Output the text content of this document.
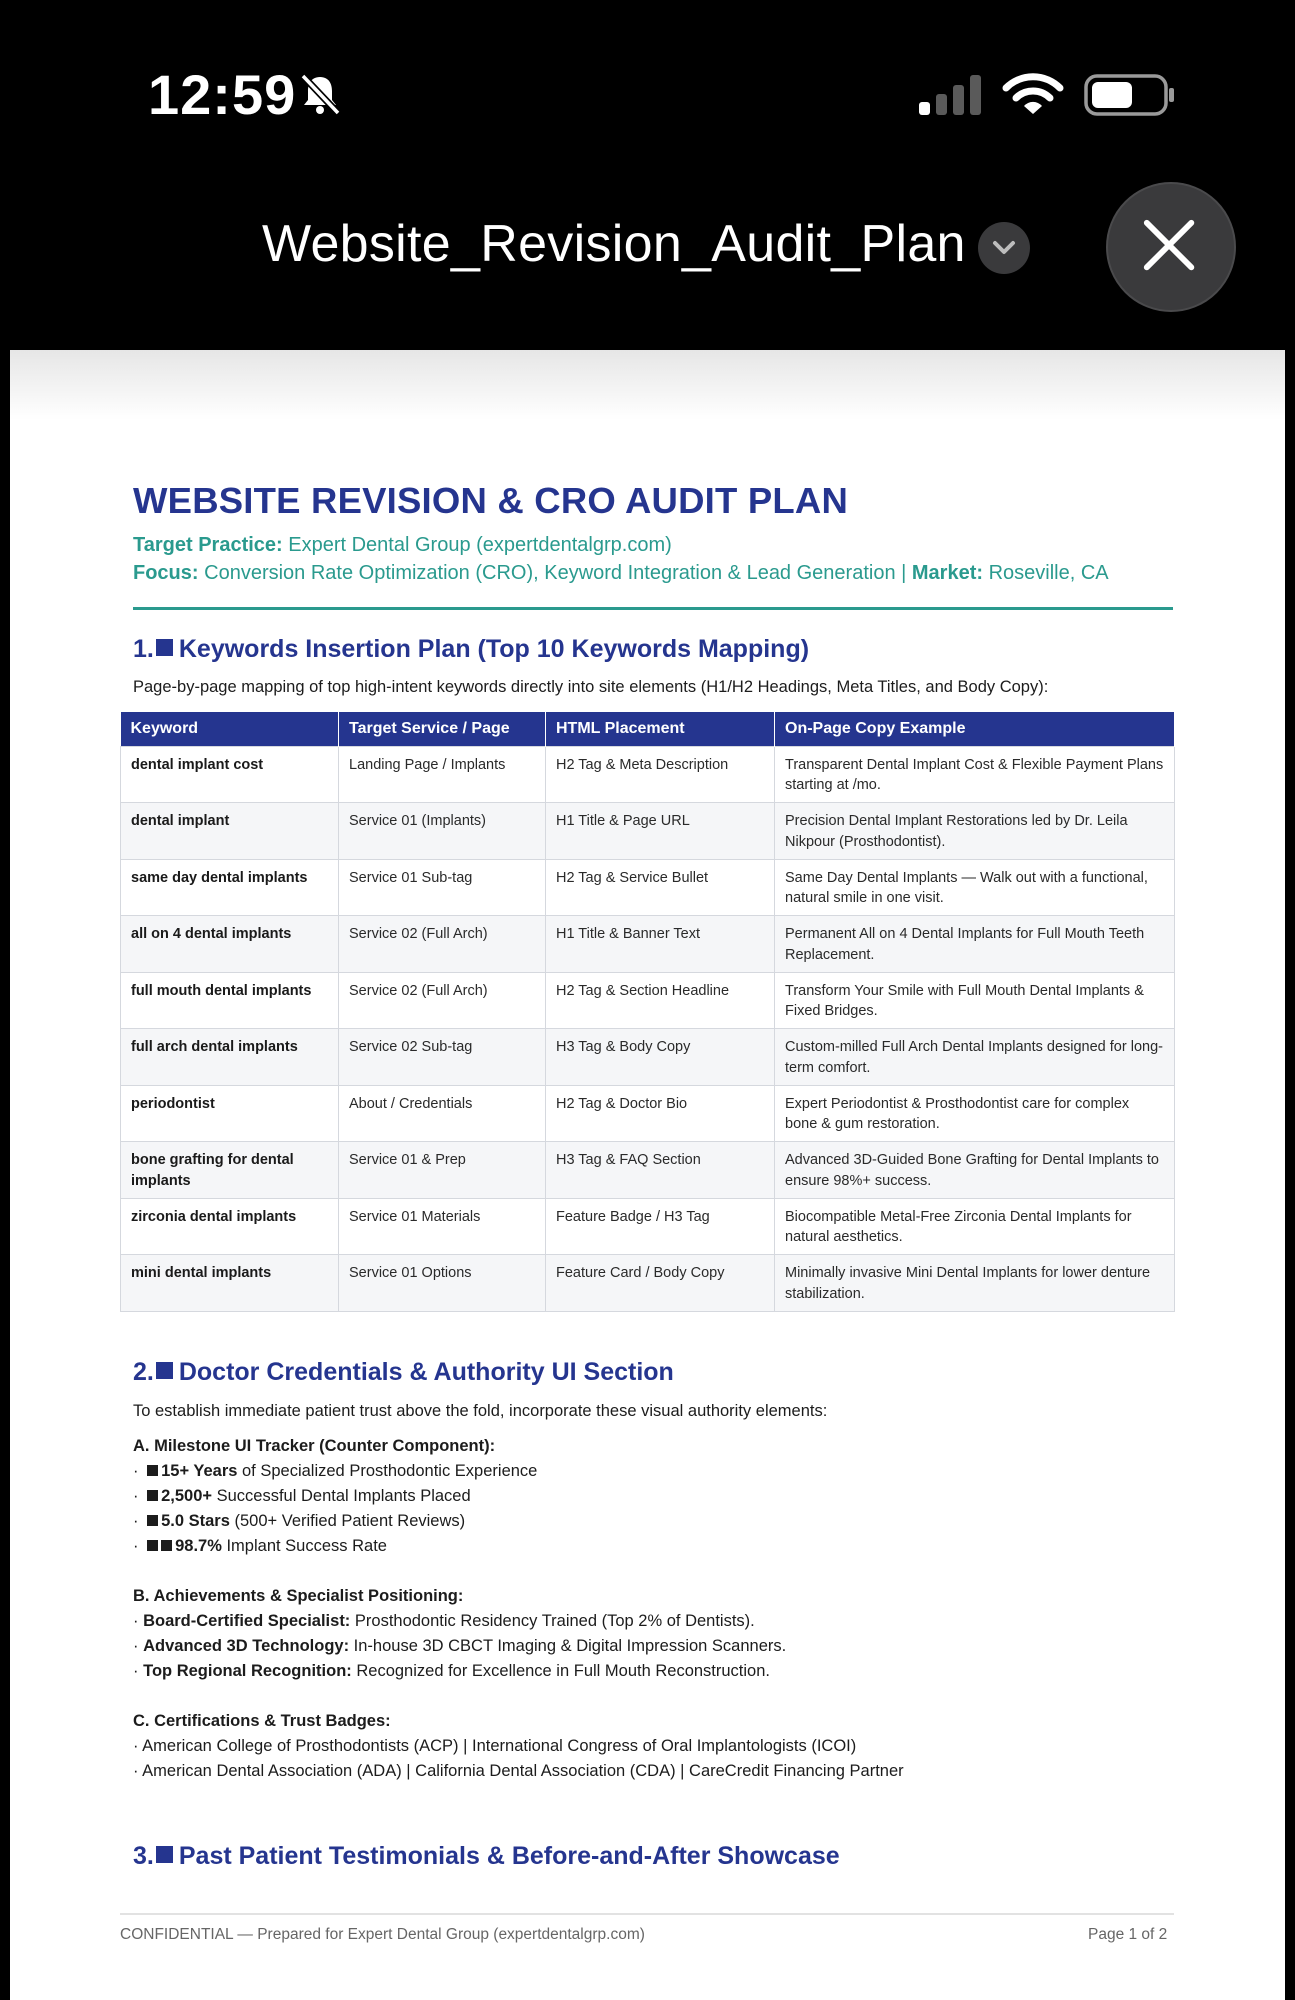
12:59
Website_Revision_Audit_Plan
WEBSITE REVISION & CRO AUDIT PLAN
Target Practice: Expert Dental Group (expertdentalgrp.com)
Focus: Conversion Rate Optimization (CRO), Keyword Integration & Lead Generation | Market: Roseville, CA
1. Keywords Insertion Plan (Top 10 Keywords Mapping)
Page-by-page mapping of top high-intent keywords directly into site elements (H1/H2 Headings, Meta Titles, and Body Copy):
Keyword	Target Service / Page	HTML Placement	On-Page Copy Example
dental implant cost	Landing Page / Implants	H2 Tag & Meta Description	Transparent Dental Implant Cost & Flexible Payment Plans starting at /mo.
dental implant	Service 01 (Implants)	H1 Title & Page URL	Precision Dental Implant Restorations led by Dr. Leila Nikpour (Prosthodontist).
same day dental implants	Service 01 Sub-tag	H2 Tag & Service Bullet	Same Day Dental Implants — Walk out with a functional, natural smile in one visit.
all on 4 dental implants	Service 02 (Full Arch)	H1 Title & Banner Text	Permanent All on 4 Dental Implants for Full Mouth Teeth Replacement.
full mouth dental implants	Service 02 (Full Arch)	H2 Tag & Section Headline	Transform Your Smile with Full Mouth Dental Implants & Fixed Bridges.
full arch dental implants	Service 02 Sub-tag	H3 Tag & Body Copy	Custom-milled Full Arch Dental Implants designed for long-term comfort.
periodontist	About / Credentials	H2 Tag & Doctor Bio	Expert Periodontist & Prosthodontist care for complex bone & gum restoration.
bone grafting for dental implants	Service 01 & Prep	H3 Tag & FAQ Section	Advanced 3D-Guided Bone Grafting for Dental Implants to ensure 98%+ success.
zirconia dental implants	Service 01 Materials	Feature Badge / H3 Tag	Biocompatible Metal-Free Zirconia Dental Implants for natural aesthetics.
mini dental implants	Service 01 Options	Feature Card / Body Copy	Minimally invasive Mini Dental Implants for lower denture stabilization.
2. Doctor Credentials & Authority UI Section
To establish immediate patient trust above the fold, incorporate these visual authority elements:
A. Milestone UI Tracker (Counter Component):
· 15+ Years of Specialized Prosthodontic Experience
· 2,500+ Successful Dental Implants Placed
· 5.0 Stars (500+ Verified Patient Reviews)
· 98.7% Implant Success Rate
B. Achievements & Specialist Positioning:
· Board-Certified Specialist: Prosthodontic Residency Trained (Top 2% of Dentists).
· Advanced 3D Technology: In-house 3D CBCT Imaging & Digital Impression Scanners.
· Top Regional Recognition: Recognized for Excellence in Full Mouth Reconstruction.
C. Certifications & Trust Badges:
· American College of Prosthodontists (ACP) | International Congress of Oral Implantologists (ICOI)
· American Dental Association (ADA) | California Dental Association (CDA) | CareCredit Financing Partner
3. Past Patient Testimonials & Before-and-After Showcase
CONFIDENTIAL — Prepared for Expert Dental Group (expertdentalgrp.com)	Page 1 of 2
